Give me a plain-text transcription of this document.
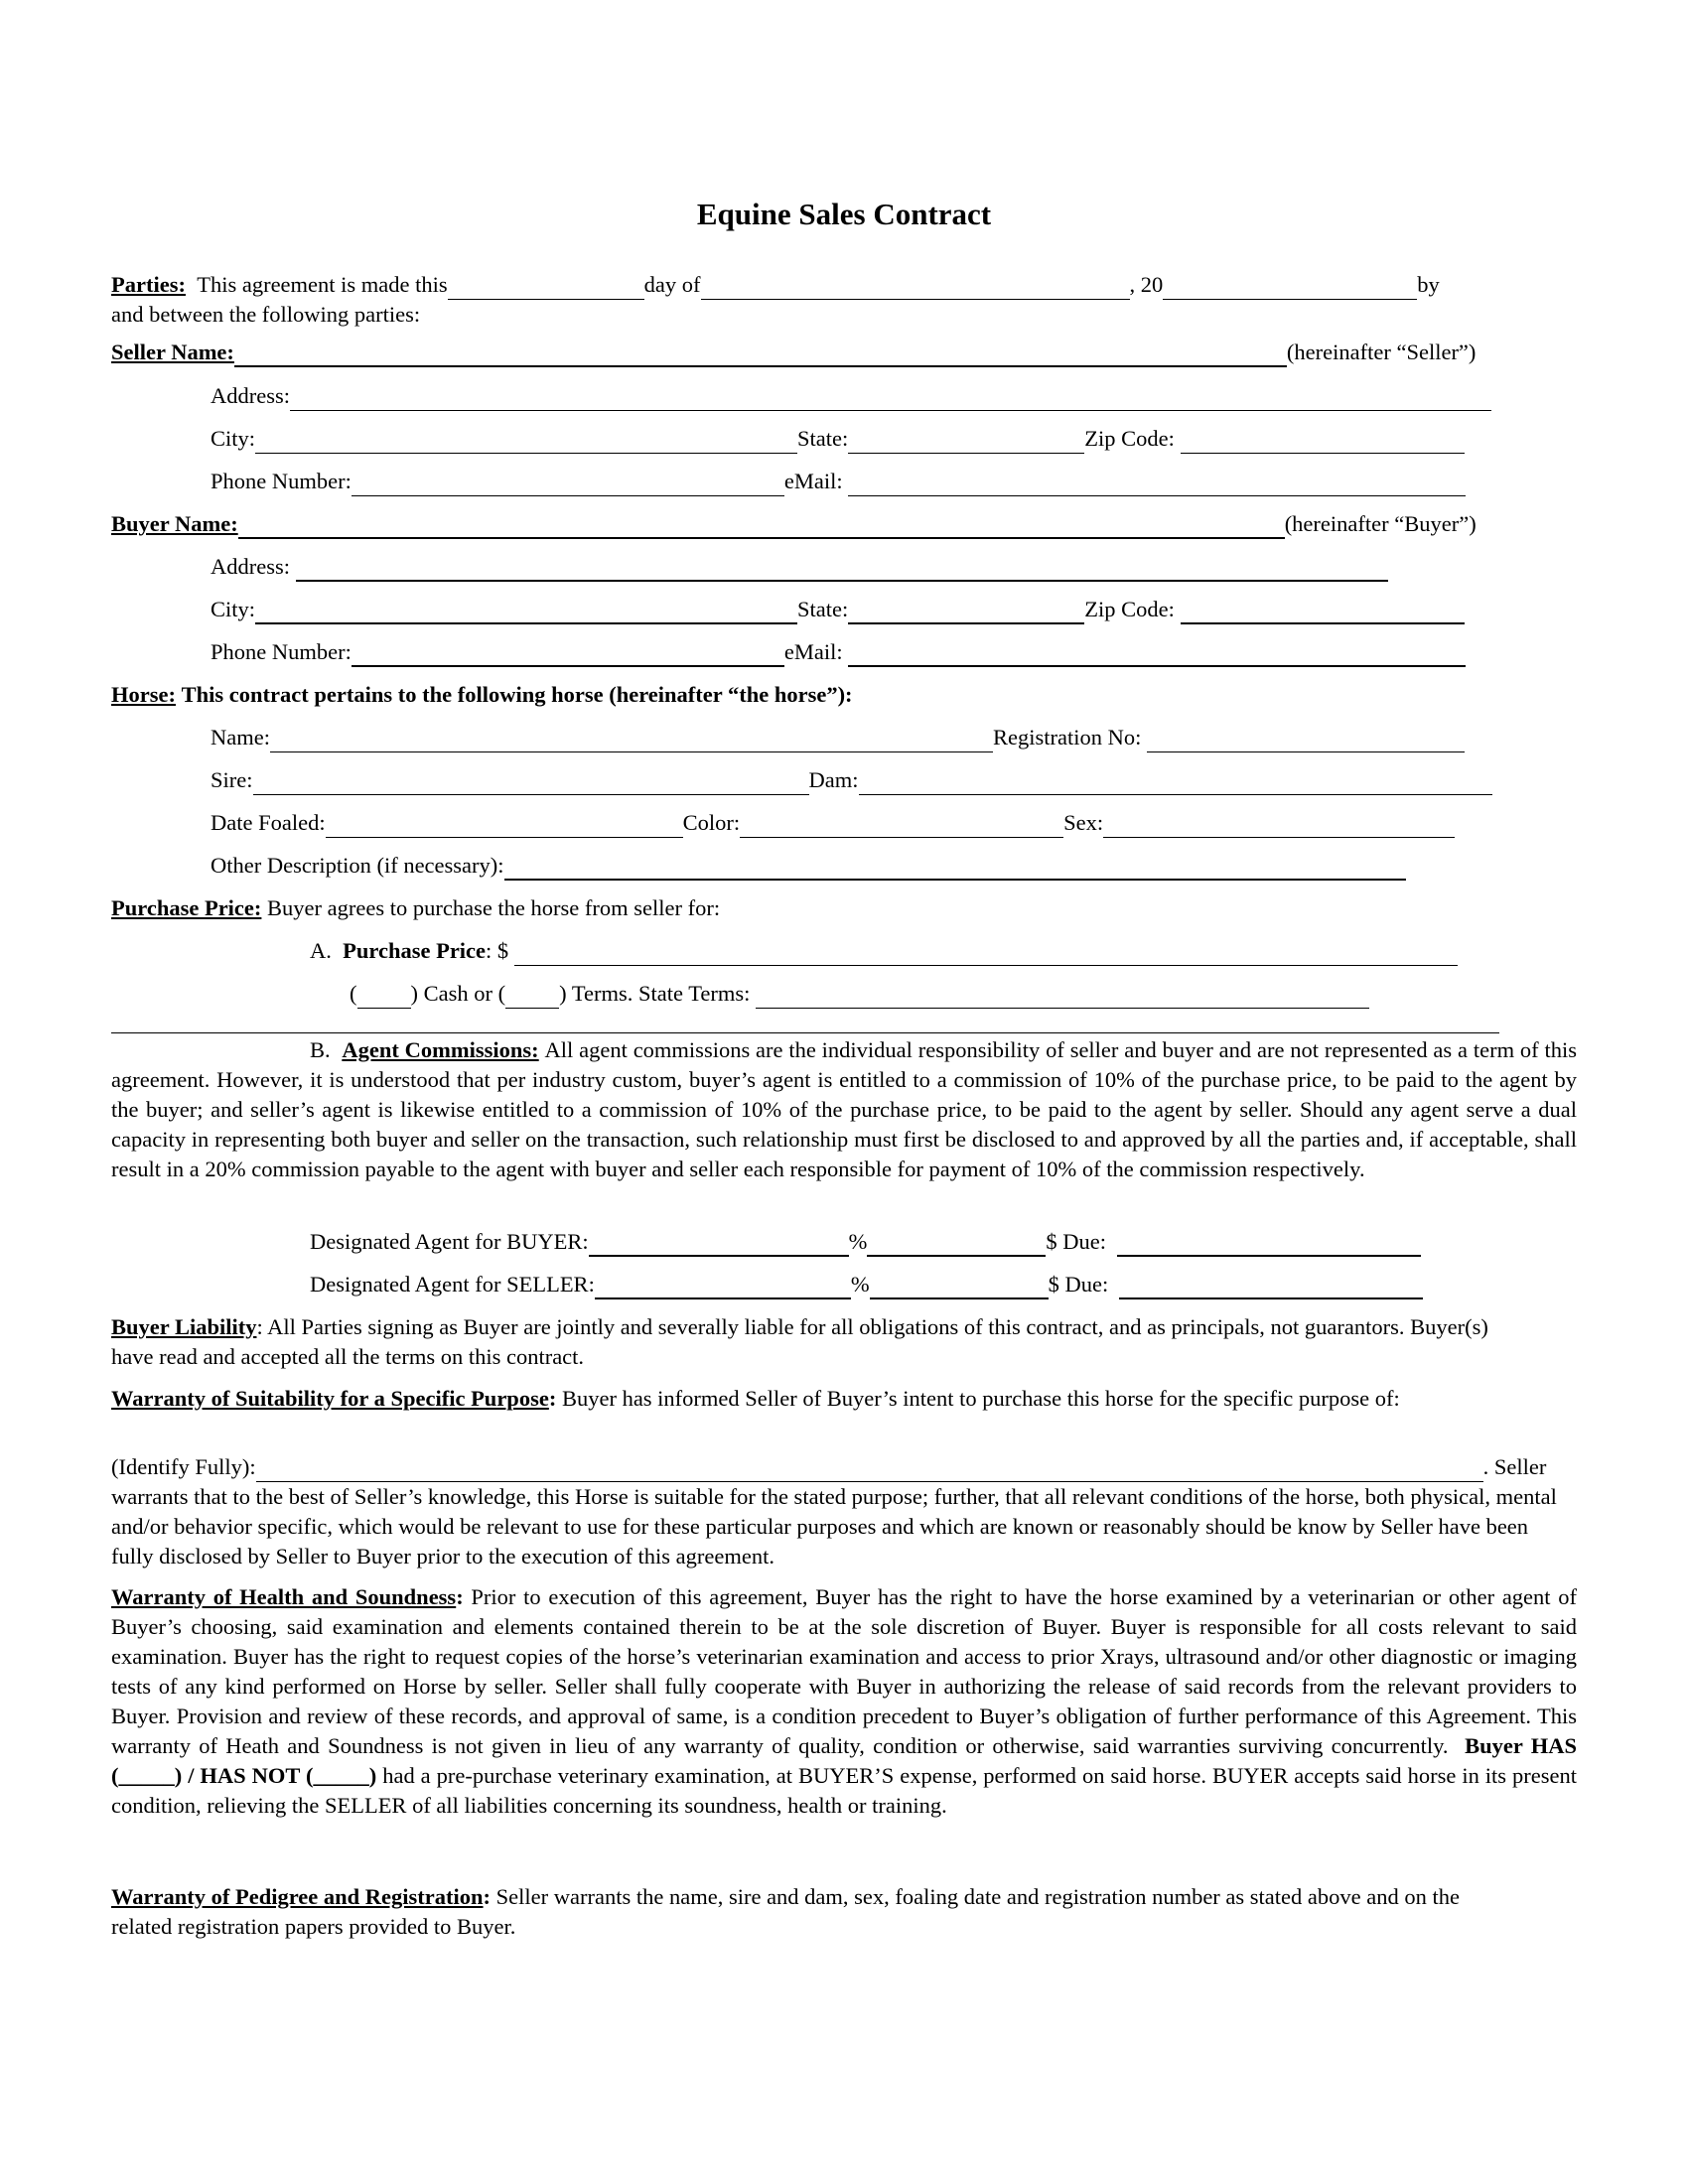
Equine Sales Contract
Parties:
This agreement is made this	day of	, 20	by
and between the following parties:
Seller Name:	(hereinafter “Seller”)
Address:
City:	State:	Zip Code:

Phone Number:	eMail:

Buyer Name:	(hereinafter “Buyer”)
Address:

City:	State:	Zip Code:

Phone Number:	eMail:

Horse:
This contract pertains to the following horse (hereinafter “the horse”):
Name:	Registration No:

Sire:	Dam:
Date Foaled:	Color:	Sex:
Other Description (if necessary):
Purchase Price:
Buyer agrees to purchase the horse from seller for:
A.
Purchase Price : $

( ) Cash or ( ) Terms. State Terms:

B. Agent Commissions: All agent commissions are the individual responsibility of seller and buyer and are not represented as a term of this agreement. However, it is understood that per industry custom, buyer’s agent is entitled to a commission of 10% of the purchase price, to be paid to the agent by the buyer; and seller’s agent is likewise entitled to a commission of 10% of the purchase price, to be paid to the agent by seller. Should any agent serve a dual capacity in representing both buyer and seller on the transaction, such relationship must first be disclosed to and approved by all the parties and, if acceptable, shall result in a 20% commission payable to the agent with buyer and seller each responsible for payment of 10% of the commission respectively.
Designated Agent for BUYER:	%	$ Due:

Designated Agent for SELLER:	%	$ Due:

Buyer Liability: All Parties signing as Buyer are jointly and severally liable for all obligations of this contract, and as principals, not guarantors. Buyer(s) have read and accepted all the terms on this contract.
Warranty of Suitability for a Specific Purpose: Buyer has informed Seller of Buyer’s intent to purchase this horse for the specific purpose of:
(Identify Fully):	. Seller
warrants that to the best of Seller’s knowledge, this Horse is suitable for the stated purpose; further, that all relevant conditions of the horse, both physical, mental and/or behavior specific, which would be relevant to use for these particular purposes and which are known or reasonably should be know by Seller have been fully disclosed by Seller to Buyer prior to the execution of this agreement.
Warranty of Health and Soundness: Prior to execution of this agreement, Buyer has the right to have the horse examined by a veterinarian or other agent of Buyer’s choosing, said examination and elements contained therein to be at the sole discretion of Buyer. Buyer is responsible for all costs relevant to said examination. Buyer has the right to request copies of the horse’s veterinarian examination and access to prior Xrays, ultrasound and/or other diagnostic or imaging tests of any kind performed on Horse by seller. Seller shall fully cooperate with Buyer in authorizing the release of said records from the relevant providers to Buyer. Provision and review of these records, and approval of same, is a condition precedent to Buyer’s obligation of further performance of this Agreement. This warranty of Heath and Soundness is not given in lieu of any warranty of quality, condition or otherwise, said warranties surviving concurrently. Buyer HAS (_____) / HAS NOT (_____) had a pre-purchase veterinary examination, at BUYER’S expense, performed on said horse. BUYER accepts said horse in its present condition, relieving the SELLER of all liabilities concerning its soundness, health or training.
Warranty of Pedigree and Registration: Seller warrants the name, sire and dam, sex, foaling date and registration number as stated above and on the related registration papers provided to Buyer.
